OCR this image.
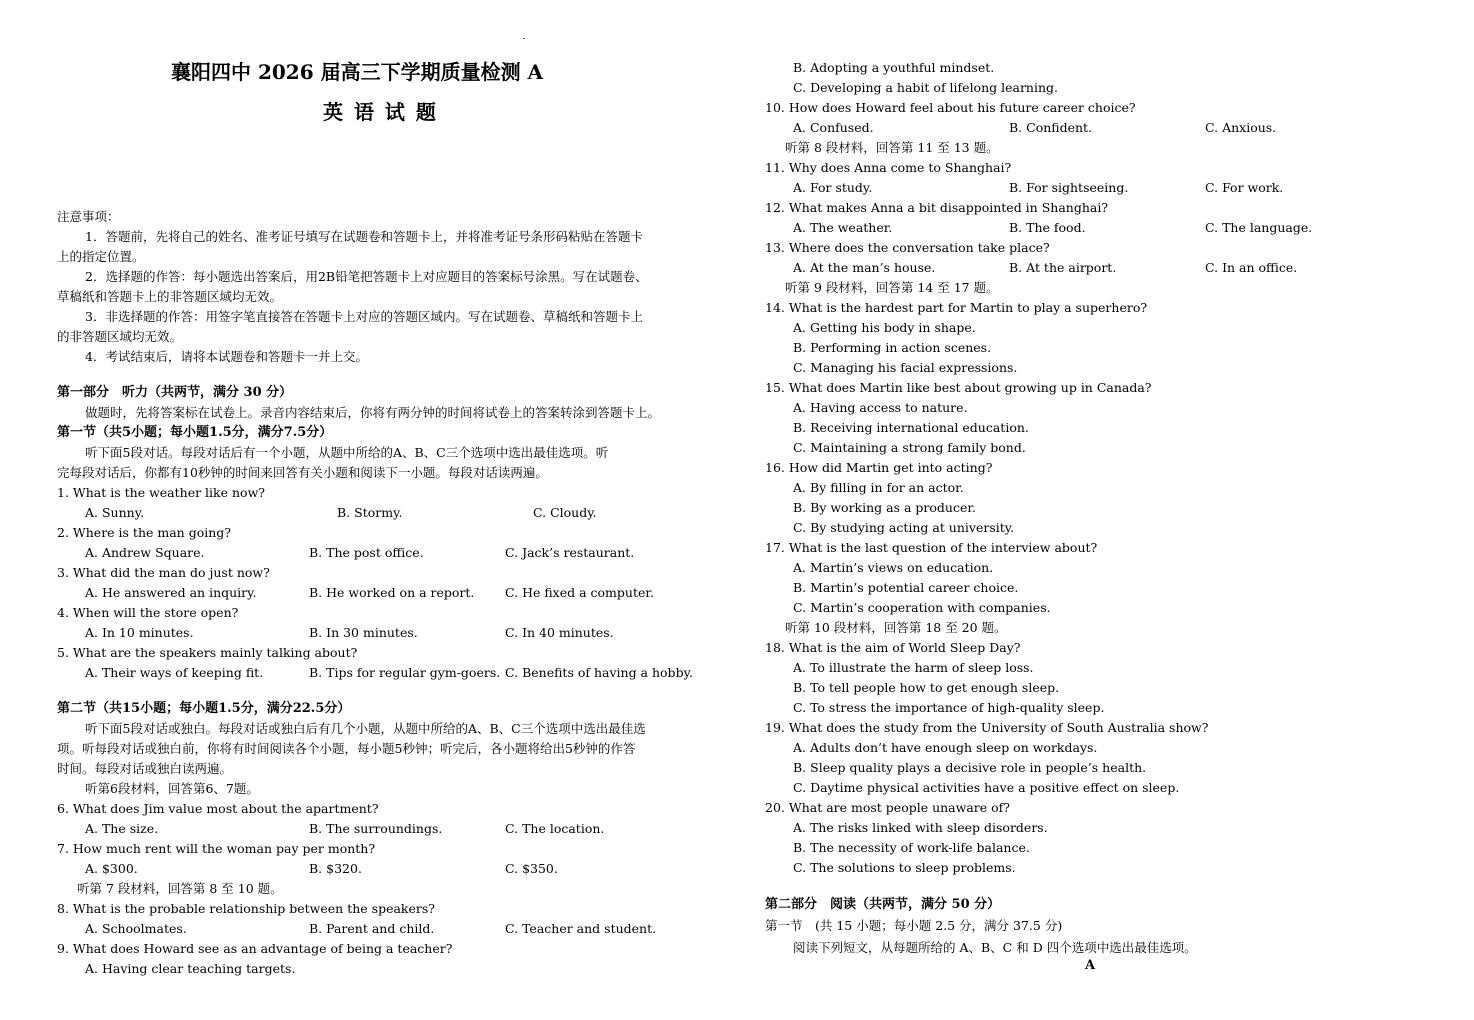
襄阳四中 2026 届高三下学期质量检测 A
英 语 试 题
注意事项：
1．答题前，先将自己的姓名、准考证号填写在试题卷和答题卡上，并将准考证号条形码粘贴在答题卡
上的指定位置。
2．选择题的作答：每小题选出答案后，用2B铅笔把答题卡上对应题目的答案标号涂黑。写在试题卷、
草稿纸和答题卡上的非答题区域均无效。
3．非选择题的作答：用签字笔直接答在答题卡上对应的答题区域内。写在试题卷、草稿纸和答题卡上
的非答题区域均无效。
4．考试结束后，请将本试题卷和答题卡一并上交。
第一部分　听力（共两节，满分 30 分）
做题时，先将答案标在试卷上。录音内容结束后，你将有两分钟的时间将试卷上的答案转涂到答题卡上。
第一节（共5小题；每小题1.5分，满分7.5分）
听下面5段对话。每段对话后有一个小题，从题中所给的A、B、C三个选项中选出最佳选项。听
完每段对话后，你都有10秒钟的时间来回答有关小题和阅读下一小题。每段对话读两遍。
1. What is the weather like now?
A. Sunny.	B. Stormy.	C. Cloudy.
2. Where is the man going?
A. Andrew Square.	B. The post office.	C. Jack’s restaurant.
3. What did the man do just now?
A. He answered an inquiry.	B. He worked on a report. C. He fixed a computer.
4. When will the store open?
A. In 10 minutes.	B. In 30 minutes.	C. In 40 minutes.
5. What are the speakers mainly talking about?
A. Their ways of keeping fit.	B. Tips for regular gym-goers. C. Benefits of having a hobby.
第二节（共15小题；每小题1.5分，满分22.5分）
听下面5段对话或独白。每段对话或独白后有几个小题，从题中所给的A、B、C三个选项中选出最佳选
项。听每段对话或独白前，你将有时间阅读各个小题，每小题5秒钟；听完后，各小题将给出5秒钟的作答
时间。每段对话或独白读两遍。
听第6段材料，回答第6、7题。
6. What does Jim value most about the apartment?
A. The size.	B. The surroundings.	C. The location.
7. How much rent will the woman pay per month?
A. $300.	B. $320.	C. $350.
听第 7 段材料，回答第 8 至 10 题。
8. What is the probable relationship between the speakers?
A. Schoolmates.	B. Parent and child.	C. Teacher and student.
9. What does Howard see as an advantage of being a teacher?
A. Having clear teaching targets.
B. Adopting a youthful mindset.
C. Developing a habit of lifelong learning.
10. How does Howard feel about his future career choice?
A. Confused.	B. Confident.	C. Anxious.
听第 8 段材料，回答第 11 至 13 题。
11. Why does Anna come to Shanghai?
A. For study.	B. For sightseeing.	C. For work.
12. What makes Anna a bit disappointed in Shanghai?
A. The weather.	B. The food.	C. The language.
13. Where does the conversation take place?
A. At the man’s house.	B. At the airport.	C. In an office.
听第 9 段材料，回答第 14 至 17 题。
14. What is the hardest part for Martin to play a superhero?
A. Getting his body in shape.
B. Performing in action scenes.
C. Managing his facial expressions.
15. What does Martin like best about growing up in Canada?
A. Having access to nature.
B. Receiving international education.
C. Maintaining a strong family bond.
16. How did Martin get into acting?
A. By filling in for an actor.
B. By working as a producer.
C. By studying acting at university.
17. What is the last question of the interview about?
A. Martin’s views on education.
B. Martin’s potential career choice.
C. Martin’s cooperation with companies.
听第 10 段材料，回答第 18 至 20 题。
18. What is the aim of World Sleep Day?
A. To illustrate the harm of sleep loss.
B. To tell people how to get enough sleep.
C. To stress the importance of high-quality sleep.
19. What does the study from the University of South Australia show?
A. Adults don’t have enough sleep on workdays.
B. Sleep quality plays a decisive role in people’s health.
C. Daytime physical activities have a positive effect on sleep.
20. What are most people unaware of?
A. The risks linked with sleep disorders.
B. The necessity of work-life balance.
C. The solutions to sleep problems.
第二部分　阅读（共两节，满分 50 分）
第一节　(共 15 小题；每小题 2.5 分，满分 37.5 分)
阅读下列短文，从每题所给的 A、B、C 和 D 四个选项中选出最佳选项。
A
